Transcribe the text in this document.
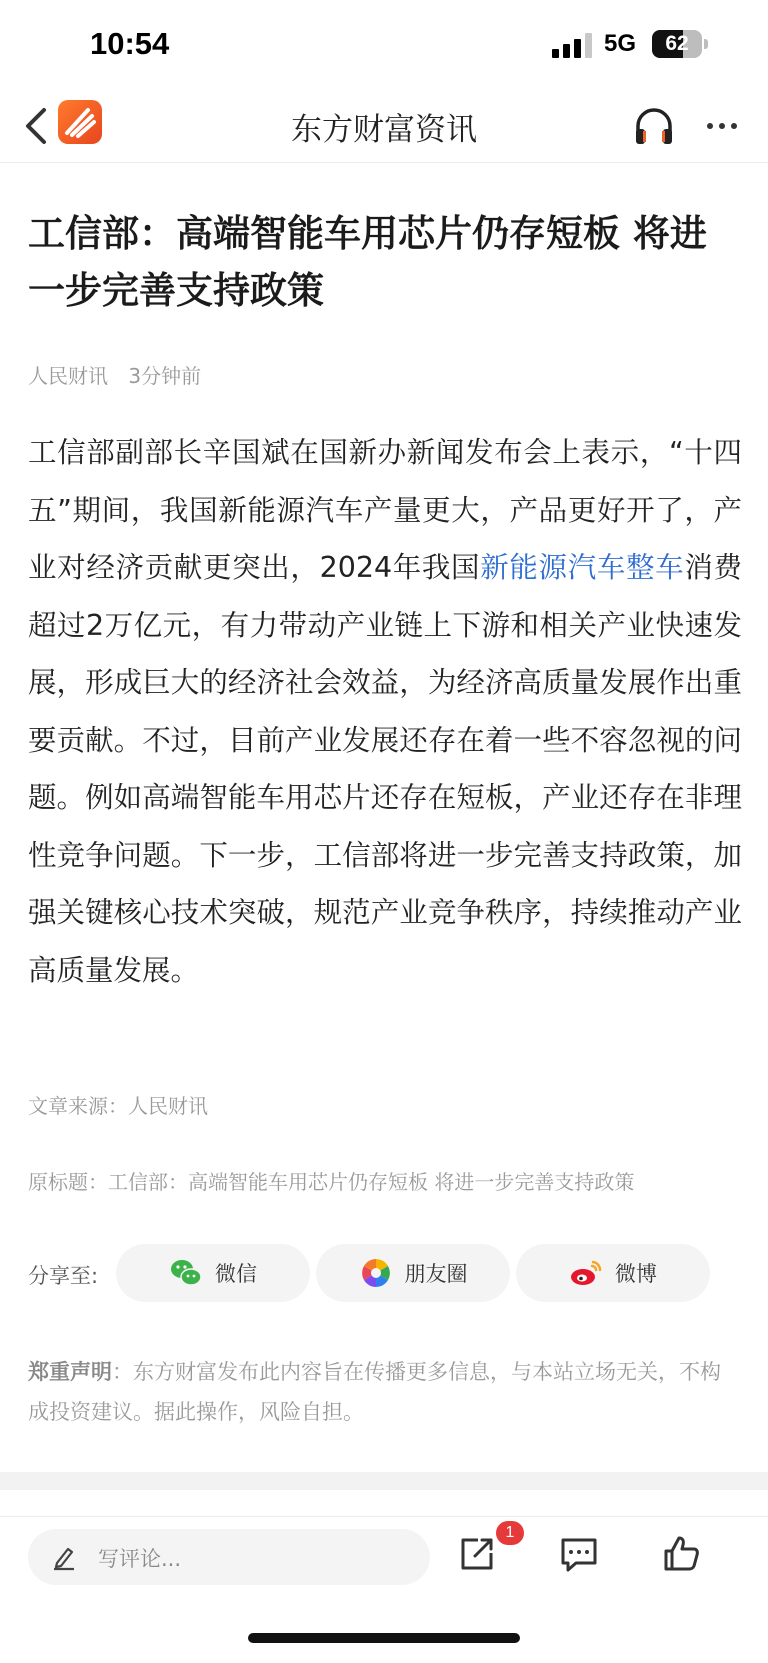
10:54	5G	62
东方财富资讯
工信部：高端智能车用芯片仍存短板 将进一步完善支持政策
人民财讯 3分钟前

工信部副部长辛国斌在国新办新闻发布会上表示，“十四五”期间，我国新能源汽车产量更大，产品更好开了，产业对经济贡献更突出，2024年我国新能源汽车整车消费超过2万亿元，有力带动产业链上下游和相关产业快速发展，形成巨大的经济社会效益，为经济高质量发展作出重要贡献。不过，目前产业发展还存在着一些不容忽视的问题。例如高端智能车用芯片还存在短板，产业还存在非理性竞争问题。下一步，工信部将进一步完善支持政策，加强关键核心技术突破，规范产业竞争秩序，持续推动产业高质量发展。

文章来源：人民财讯
原标题：工信部：高端智能车用芯片仍存短板 将进一步完善支持政策
分享至:	微信	朋友圈	微博

郑重声明：东方财富发布此内容旨在传播更多信息，与本站立场无关，不构成投资建议。据此操作，风险自担。

写评论...
1
